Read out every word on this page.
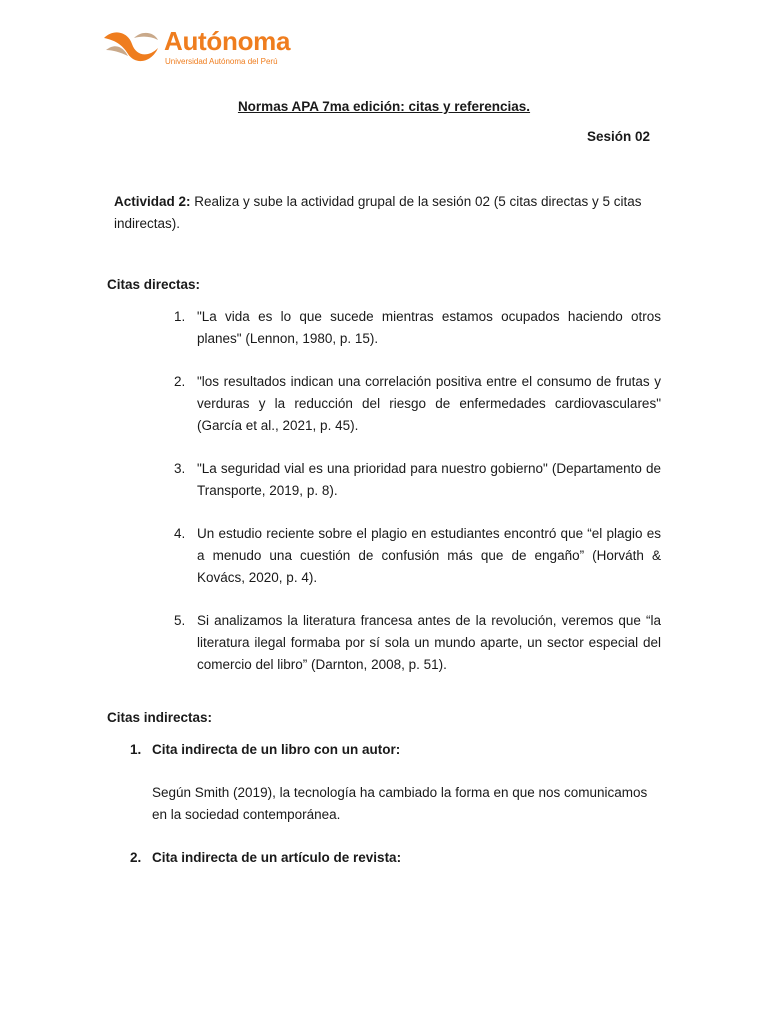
Autónoma
Universidad Autónoma del Perú
Normas APA 7ma edición: citas y referencias.
Sesión 02
Actividad 2: Realiza y sube la actividad grupal de la sesión 02 (5 citas directas y 5 citas indirectas).
Citas directas:
1. "La vida es lo que sucede mientras estamos ocupados haciendo otros planes" (Lennon, 1980, p. 15).
2. "los resultados indican una correlación positiva entre el consumo de frutas y verduras y la reducción del riesgo de enfermedades cardiovasculares" (García et al., 2021, p. 45).
3. "La seguridad vial es una prioridad para nuestro gobierno" (Departamento de Transporte, 2019, p. 8).
4. Un estudio reciente sobre el plagio en estudiantes encontró que “el plagio es a menudo una cuestión de confusión más que de engaño” (Horváth & Kovács, 2020, p. 4).
5. Si analizamos la literatura francesa antes de la revolución, veremos que “la literatura ilegal formaba por sí sola un mundo aparte, un sector especial del comercio del libro” (Darnton, 2008, p. 51).
Citas indirectas:
1. Cita indirecta de un libro con un autor:
Según Smith (2019), la tecnología ha cambiado la forma en que nos comunicamos en la sociedad contemporánea.
2. Cita indirecta de un artículo de revista:
